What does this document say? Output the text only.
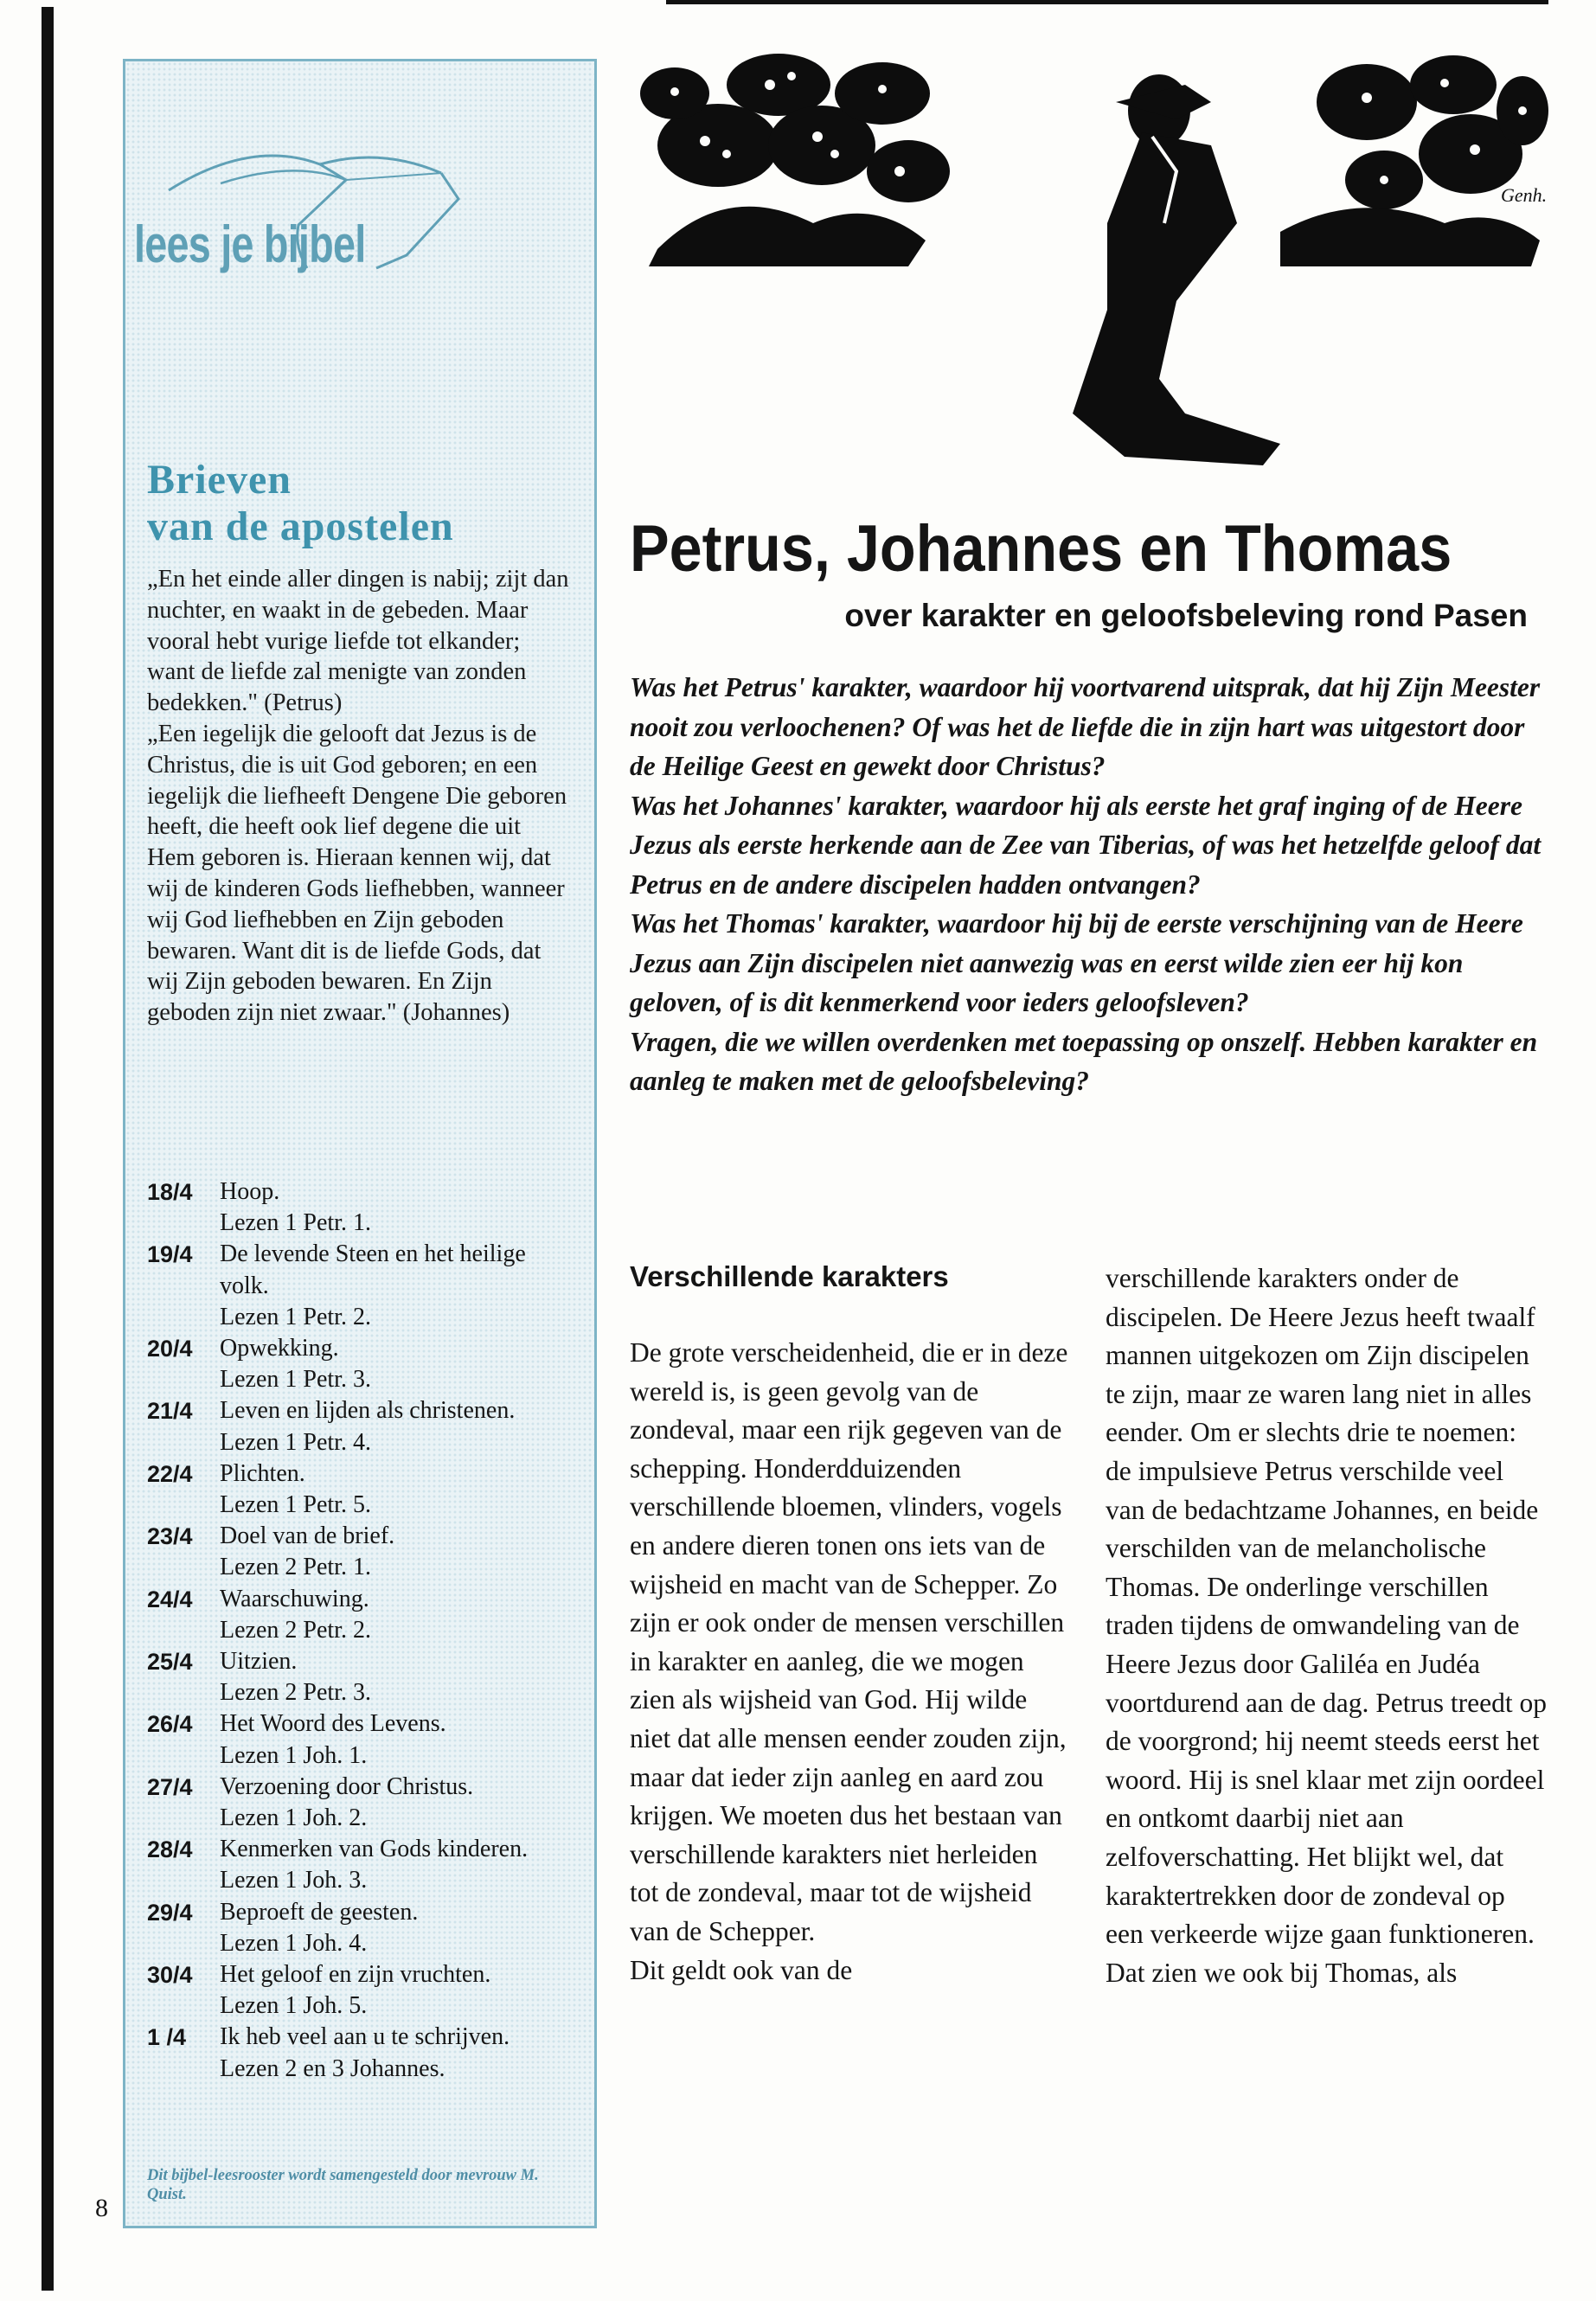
lees je bijbel
Brieven
van de apostelen

„En het einde aller dingen is nabij; zijt dan nuchter, en waakt in de gebeden. Maar vooral hebt vurige liefde tot elkander; want de liefde zal menigte van zonden bedekken." (Petrus)

„Een iegelijk die gelooft dat Jezus is de Christus, die is uit God geboren; en een iegelijk die liefheeft Dengene Die geboren heeft, die heeft ook lief degene die uit Hem geboren is. Hieraan kennen wij, dat wij de kinderen Gods liefhebben, wanneer wij God liefhebben en Zijn geboden bewaren. Want dit is de liefde Gods, dat wij Zijn geboden bewaren. En Zijn geboden zijn niet zwaar." (Johannes)

18/4 Hoop.
Lezen 1 Petr. 1.
19/4 De levende Steen en het heilige volk.
Lezen 1 Petr. 2.
20/4 Opwekking.
Lezen 1 Petr. 3.
21/4 Leven en lijden als christenen.
Lezen 1 Petr. 4.
22/4 Plichten.
Lezen 1 Petr. 5.
23/4 Doel van de brief.
Lezen 2 Petr. 1.
24/4 Waarschuwing.
Lezen 2 Petr. 2.
25/4 Uitzien.
Lezen 2 Petr. 3.
26/4 Het Woord des Levens.
Lezen 1 Joh. 1.
27/4 Verzoening door Christus.
Lezen 1 Joh. 2.
28/4 Kenmerken van Gods kinderen. Lezen 1 Joh. 3.
29/4 Beproeft de geesten.
Lezen 1 Joh. 4.
30/4 Het geloof en zijn vruchten.
Lezen 1 Joh. 5.
1 /4 Ik heb veel aan u te schrijven.
Lezen 2 en 3 Johannes.
Dit bijbel-leesrooster wordt samengesteld door mevrouw M. Quist.
8
Genh.
Petrus, Johannes en Thomas
over karakter en geloofsbeleving rond Pasen

Was het Petrus' karakter, waardoor hij voortvarend uitsprak, dat hij Zijn Meester nooit zou verloochenen? Of was het de liefde die in zijn hart was uitgestort door de Heilige Geest en gewekt door Christus?

Was het Johannes' karakter, waardoor hij als eerste het graf inging of de Heere Jezus als eerste herkende aan de Zee van Tiberias, of was het hetzelfde geloof dat Petrus en de andere discipelen hadden ontvangen?

Was het Thomas' karakter, waardoor hij bij de eerste verschijning van de Heere Jezus aan Zijn discipelen niet aanwezig was en eerst wilde zien eer hij kon geloven, of is dit kenmerkend voor ieders geloofsleven?

Vragen, die we willen overdenken met toepassing op onszelf. Hebben karakter en aanleg te maken met de geloofsbeleving?

Verschillende karakters

De grote verscheidenheid, die er in deze wereld is, is geen gevolg van de zondeval, maar een rijk gegeven van de schepping. Honderdduizenden verschillende bloemen, vlinders, vogels en andere dieren tonen ons iets van de wijsheid en macht van de Schepper. Zo zijn er ook onder de mensen verschillen in karakter en aanleg, die we mogen zien als wijsheid van God. Hij wilde niet dat alle mensen eender zouden zijn, maar dat ieder zijn aanleg en aard zou krijgen. We moeten dus het bestaan van verschillende karakters niet herleiden tot de zondeval, maar tot de wijsheid van de Schepper.

Dit geldt ook van de

verschillende karakters onder de discipelen. De Heere Jezus heeft twaalf mannen uitgekozen om Zijn discipelen te zijn, maar ze waren lang niet in alles eender. Om er slechts drie te noemen: de impulsieve Petrus verschilde veel van de bedachtzame Johannes, en beide verschilden van de melancholische Thomas. De onderlinge verschillen traden tijdens de omwandeling van de Heere Jezus door Galiléa en Judéa voortdurend aan de dag. Petrus treedt op de voorgrond; hij neemt steeds eerst het woord. Hij is snel klaar met zijn oordeel en ontkomt daarbij niet aan zelfoverschatting. Het blijkt wel, dat karaktertrekken door de zondeval op een verkeerde wijze gaan funktioneren. Dat zien we ook bij Thomas, als
